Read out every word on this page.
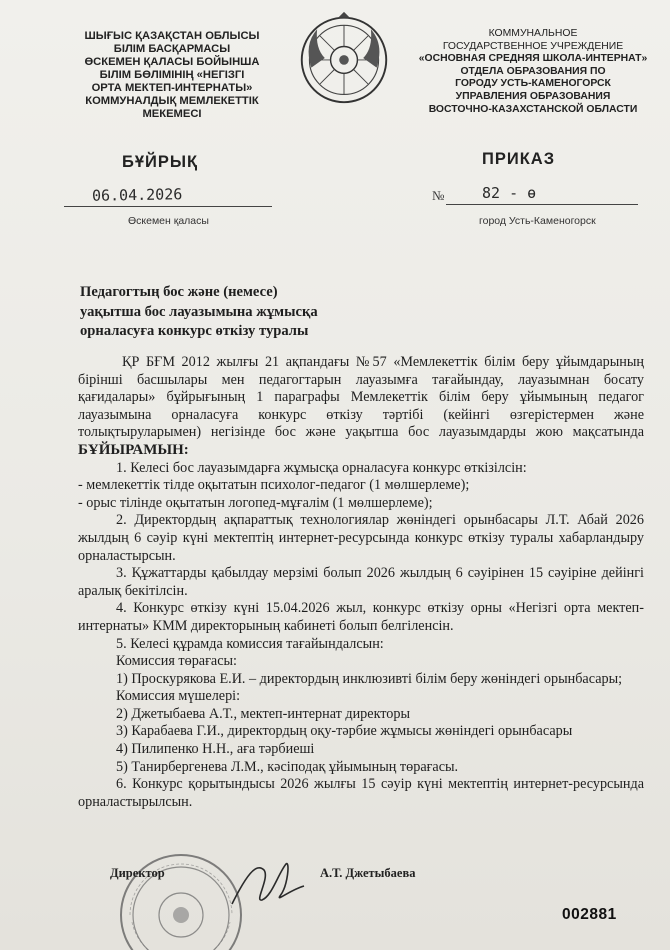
ШЫҒЫС ҚАЗАҚСТАН ОБЛЫСЫ
БІЛІМ БАСҚАРМАСЫ
ӨСКЕМЕН ҚАЛАСЫ БОЙЫНША
БІЛІМ БӨЛІМІНІҢ «НЕГІЗГІ
ОРТА МЕКТЕП-ИНТЕРНАТЫ»
КОММУНАЛДЫҚ МЕМЛЕКЕТТІК
МЕКЕМЕСІ
КОММУНАЛЬНОЕ
ГОСУДАРСТВЕННОЕ УЧРЕЖДЕНИЕ
«ОСНОВНАЯ СРЕДНЯЯ ШКОЛА-ИНТЕРНАТ»
ОТДЕЛА ОБРАЗОВАНИЯ ПО
ГОРОДУ УСТЬ-КАМЕНОГОРСК
УПРАВЛЕНИЯ ОБРАЗОВАНИЯ
ВОСТОЧНО-КАЗАХСТАНСКОЙ ОБЛАСТИ
БҰЙРЫҚ	ПРИКАЗ
06.04.2026
Өскемен қаласы
№	82 - ө
город Усть-Каменогорск
Педагогтың бос және (немесе)
уақытша бос лауазымына жұмысқа
орналасуға конкурс өткізу туралы

ҚР БҒМ 2012 жылғы 21 ақпандағы №57 «Мемлекеттік білім беру ұйымдарының бірінші басшылары мен педагогтарын лауазымға тағайындау, лауазымнан босату қағидалары» бұйрығының 1 параграфы Мемлекеттік білім беру ұйымының педагог лауазымына орналасуға конкурс өткізу тәртібі (кейінгі өзгерістермен және толықтыруларымен) негізінде бос және уақытша бос лауазымдарды жою мақсатында БҰЙЫРАМЫН:

1. Келесі бос лауазымдарға жұмысқа орналасуға конкурс өткізілсін:

- мемлекеттік тілде оқытатын психолог-педагог (1 мөлшерлеме);

- орыс тілінде оқытатын логопед-мұғалім (1 мөлшерлеме);

2. Директордың ақпараттық технологиялар жөніндегі орынбасары Л.Т. Абай 2026 жылдың 6 сәуір күні мектептің интернет-ресурсында конкурс өткізу туралы хабарландыру орналастырсын.

3. Құжаттарды қабылдау мерзімі болып 2026 жылдың 6 сәуірінен 15 сәуіріне дейінгі аралық бекітілсін.

4. Конкурс өткізу күні 15.04.2026 жыл, конкурс өткізу орны «Негізгі орта мектеп-интернаты» КММ директорының кабинеті болып белгіленсін.

5. Келесі құрамда комиссия тағайындалсын:

Комиссия төрағасы:

1) Проскурякова Е.И. – директордың инклюзивті білім беру жөніндегі орынбасары;

Комиссия мүшелері:

2) Джетыбаева А.Т., мектеп-интернат директоры

3) Карабаева Г.И., директордың оқу-тәрбие жұмысы жөніндегі орынбасары

4) Пилипенко Н.Н., аға тәрбиеші

5) Танирбергенева Л.М., кәсіподақ ұйымының төрағасы.

6. Конкурс қорытындысы 2026 жылғы 15 сәуір күні мектептің интернет-ресурсында орналастырылсын.

Директор	А.Т. Джетыбаева
002881
